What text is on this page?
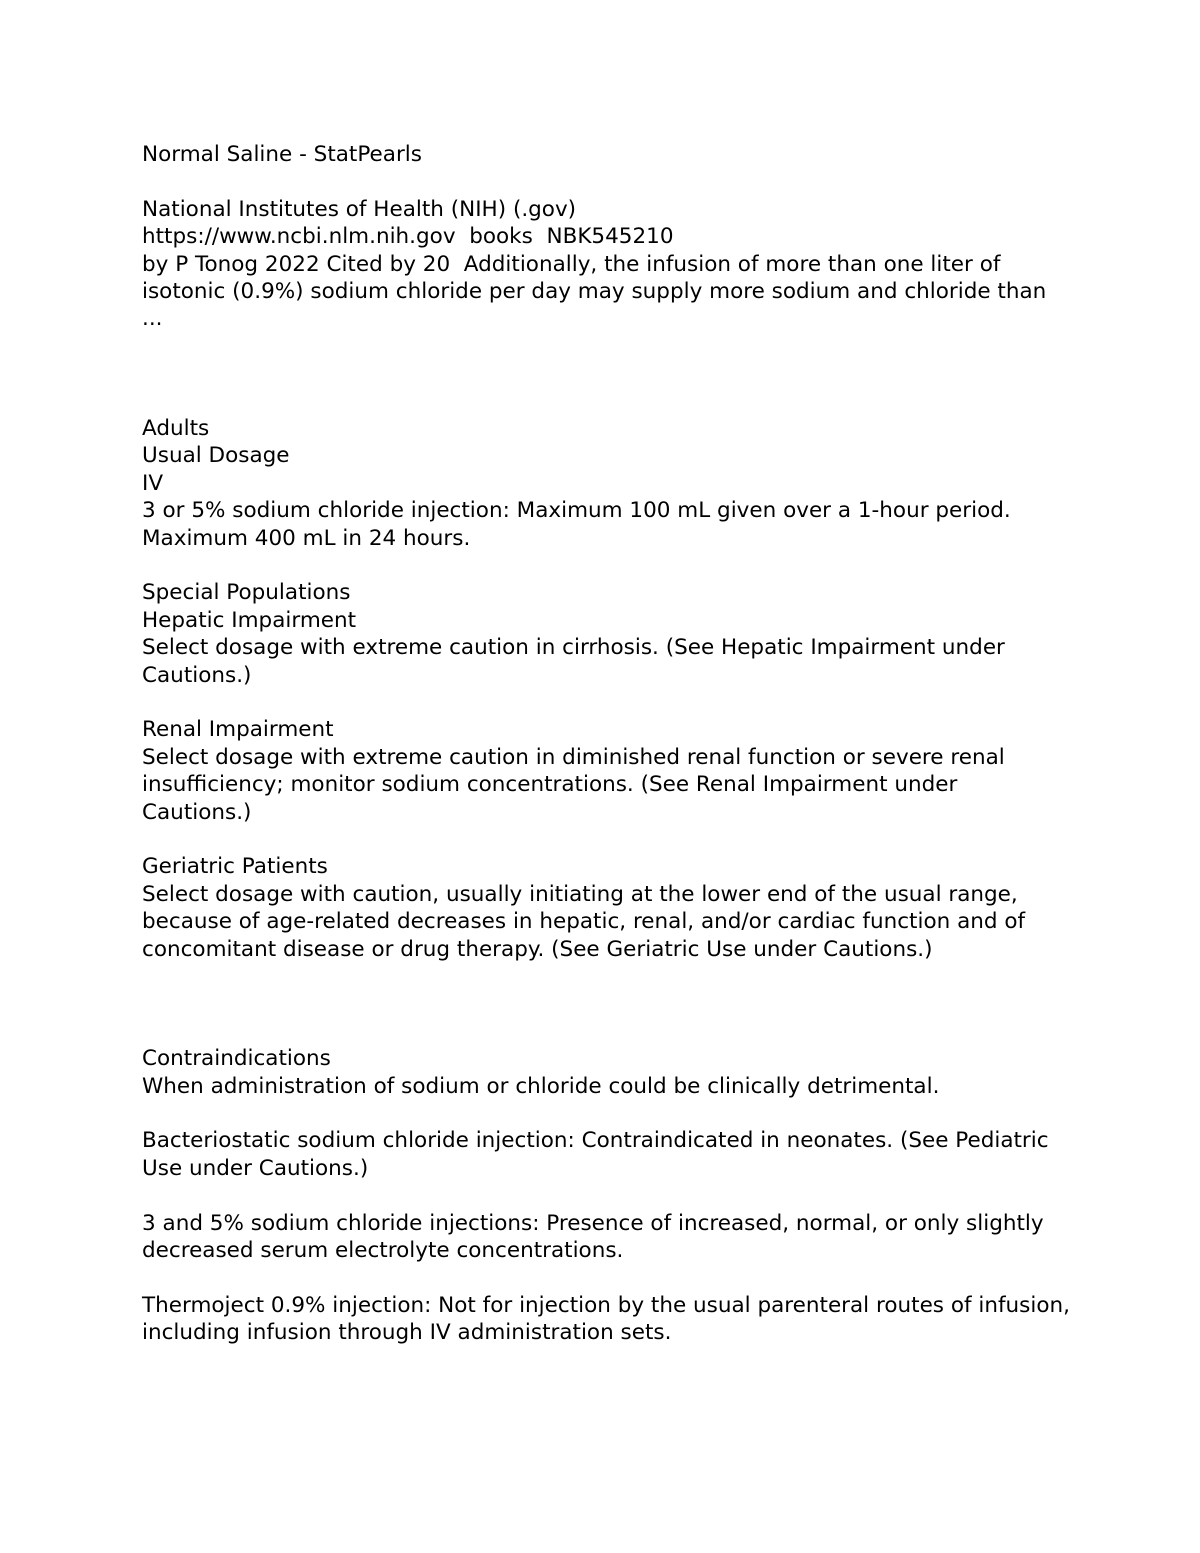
Normal Saline - StatPearls
National Institutes of Health (NIH) (.gov)
https://www.ncbi.nlm.nih.gov  books  NBK545210
by P Tonog 2022 Cited by 20  Additionally, the infusion of more than one liter of isotonic (0.9%) sodium chloride per day may supply more sodium and chloride than ...
Adults
Usual Dosage
IV
3 or 5% sodium chloride injection: Maximum 100 mL given over a 1-hour period. Maximum 400 mL in 24 hours.
Special Populations
Hepatic Impairment
Select dosage with extreme caution in cirrhosis. (See Hepatic Impairment under Cautions.)
Renal Impairment
Select dosage with extreme caution in diminished renal function or severe renal insufficiency; monitor sodium concentrations. (See Renal Impairment under Cautions.)
Geriatric Patients
Select dosage with caution, usually initiating at the lower end of the usual range, because of age-related decreases in hepatic, renal, and/or cardiac function and of concomitant disease or drug therapy. (See Geriatric Use under Cautions.)
Contraindications
When administration of sodium or chloride could be clinically detrimental.
Bacteriostatic sodium chloride injection: Contraindicated in neonates. (See Pediatric Use under Cautions.)
3 and 5% sodium chloride injections: Presence of increased, normal, or only slightly decreased serum electrolyte concentrations.
Thermoject 0.9% injection: Not for injection by the usual parenteral routes of infusion, including infusion through IV administration sets.
